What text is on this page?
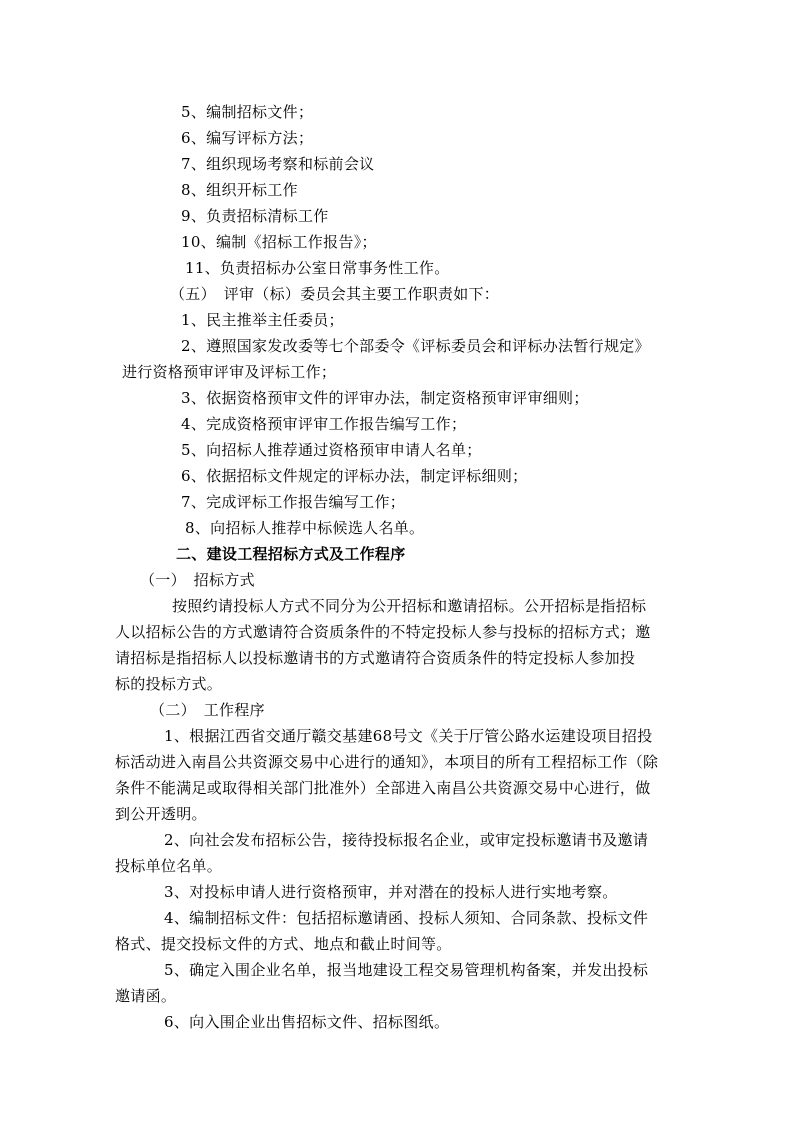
5、编制招标文件；
6、编写评标方法；
7、组织现场考察和标前会议
8、组织开标工作
9、负责招标清标工作
10、编制《招标工作报告》；
11、负责招标办公室日常事务性工作。
（五）　评审（标）委员会其主要工作职责如下：
1、民主推举主任委员；
2、遵照国家发改委等七个部委令《评标委员会和评标办法暂行规定》
进行资格预审评审及评标工作；
3、依据资格预审文件的评审办法，制定资格预审评审细则；
4、完成资格预审评审工作报告编写工作；
5、向招标人推荐通过资格预审申请人名单；
6、依据招标文件规定的评标办法，制定评标细则；
7、完成评标工作报告编写工作；
8、向招标人推荐中标候选人名单。
二、建设工程招标方式及工作程序
（一）　招标方式
按照约请投标人方式不同分为公开招标和邀请招标。公开招标是指招标
人以招标公告的方式邀请符合资质条件的不特定投标人参与投标的招标方式；邀
请招标是指招标人以投标邀请书的方式邀请符合资质条件的特定投标人参加投
标的投标方式。
（二）　工作程序
1、根据江西省交通厅赣交基建68号文《关于厅管公路水运建设项目招投
标活动进入南昌公共资源交易中心进行的通知》，本项目的所有工程招标工作（除
条件不能满足或取得相关部门批准外）全部进入南昌公共资源交易中心进行，做
到公开透明。
2、向社会发布招标公告，接待投标报名企业，或审定投标邀请书及邀请
投标单位名单。
3、对投标申请人进行资格预审，并对潜在的投标人进行实地考察。
4、编制招标文件：包括招标邀请函、投标人须知、合同条款、投标文件
格式、提交投标文件的方式、地点和截止时间等。
5、确定入围企业名单，报当地建设工程交易管理机构备案，并发出投标
邀请函。
6、向入围企业出售招标文件、招标图纸。
